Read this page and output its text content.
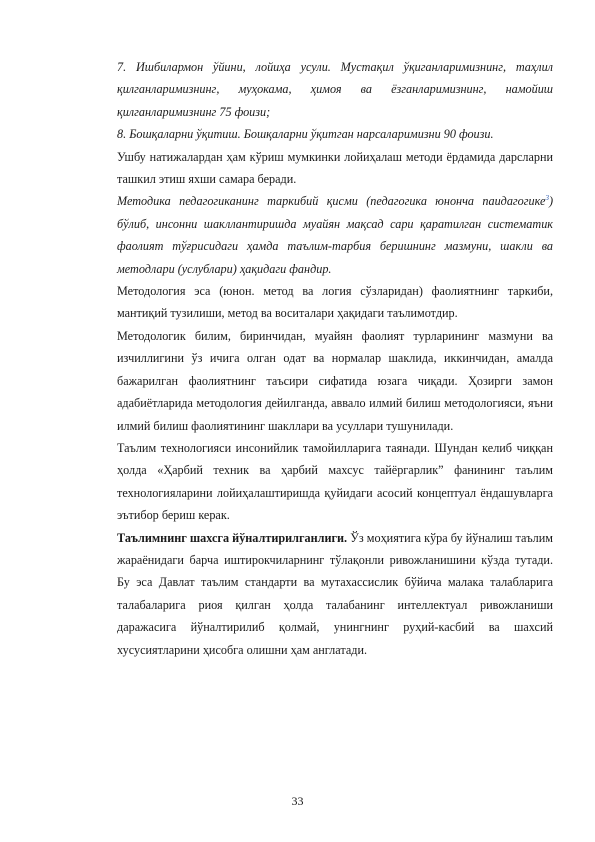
7. Ишбилармон ўйини, лойиҳа усули. Мустақил ўқиганларимизнинг, таҳлил қилганларимизнинг, муҳокама, ҳимоя ва ёзганларимизнинг, намойиш қилганларимизнинг 75 фоизи;

8. Бошқаларни ўқитиш. Бошқаларни ўқитган нарсаларимизни 90 фоизи.

Ушбу натижалардан ҳам кўриш мумкинки лойиҳалаш методи ёрдамида дарсларни ташкил этиш яхши самара беради.

Методика педагогиканинг таркибий қисми (педагогика юнонча паидагогике$^3$) бўлиб, инсонни шакллантиришда муайян мақсад сари қаратилган систематик фаолият тўғрисидаги ҳамда таълим-тарбия беришнинг мазмуни, шакли ва методлари (услублари) ҳақидаги фандир.

Методология эса (юнон. метод ва логия сўзларидан) фаолиятнинг таркиби, мантиқий тузилиши, метод ва воситалари ҳақидаги таълимотдир.

Методологик билим, биринчидан, муайян фаолият турларининг мазмуни ва изчиллигини ўз ичига олган одат ва нормалар шаклида, иккинчидан, амалда бажарилган фаолиятнинг таъсири сифатида юзага чиқади. Ҳозирги замон адабиётларида методология дейилганда, аввало илмий билиш методологияси, яъни илмий билиш фаолиятининг шакллари ва усуллари тушунилади.

Таълим технологияси инсонийлик тамойилларига таянади. Шундан келиб чиққан ҳолда «Ҳарбий техник ва ҳарбий махсус тайёргарлик” фанининг таълим технологияларини лойиҳалаштиришда қуйидаги асосий концептуал ёндашувларга эътибор бериш керак.

Таълимнинг шахсга йўналтирилганлиги. Ўз моҳиятига кўра бу йўналиш таълим жараёнидаги барча иштирокчиларнинг тўлақонли ривожланишини кўзда тутади. Бу эса Давлат таълим стандарти ва мутахассислик бўйича малака талабларига талабаларига риоя қилган ҳолда талабанинг интеллектуал ривожланиши даражасига йўналтирилиб қолмай, унингнинг руҳий-касбий ва шахсий хусусиятларини ҳисобга олишни ҳам англатади.

33
